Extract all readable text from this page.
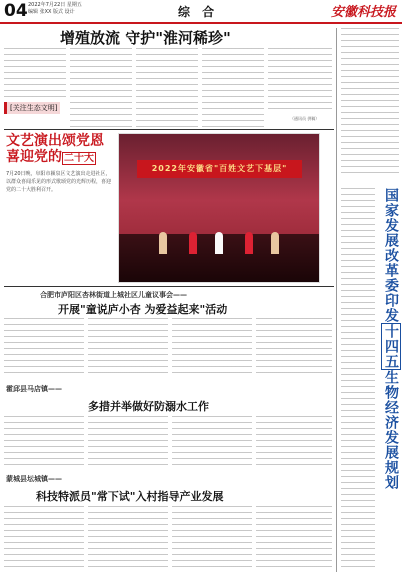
04 2022年7月22日 星期五
编辑 张XX 版式 设计	综 合	安徽科技报
增殖放流 守护"淮河稀珍"
[关注生态文明]
（通讯员 供稿）
文艺演出颂党恩
喜迎党的 二十大
7月20日晚，阜阳市颍泉区文艺演出走进社区，以群众喜闻乐见的形式歌颂党的光辉历程，喜迎党的二十大胜利召开。
2022年安徽省"百姓文艺下基层"
合肥市庐阳区杏林街道上城社区儿童议事会——
开展"童说庐小杏 为爱益起来"活动
霍邱县马店镇——
多措并举做好防溺水工作
蒙城县坛城镇——
科技特派员"常下试"入村指导产业发展
国家发展改革委印发十四五生物经济发展规划
